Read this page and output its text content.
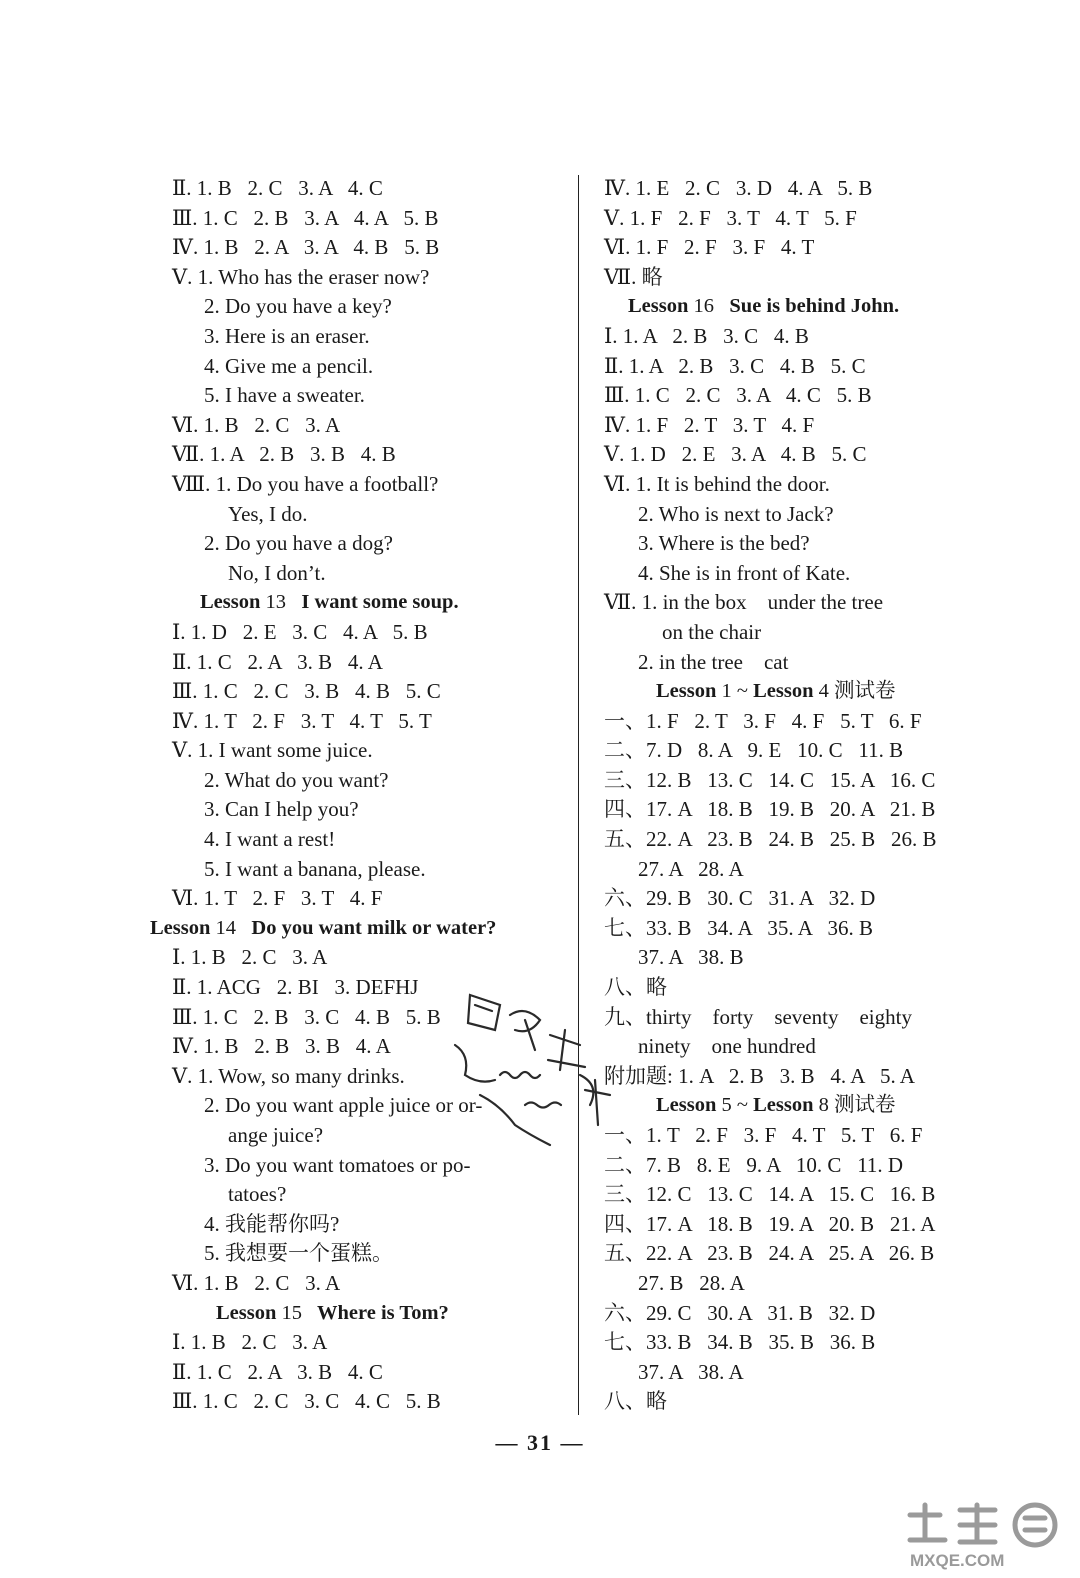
Ⅱ. 1. B   2. C   3. A   4. C
Ⅲ. 1. C   2. B   3. A   4. A   5. B
Ⅳ. 1. B   2. A   3. A   4. B   5. B
Ⅴ. 1. Who has the eraser now?
2. Do you have a key?
3. Here is an eraser.
4. Give me a pencil.
5. I have a sweater.
Ⅵ. 1. B   2. C   3. A
Ⅶ. 1. A   2. B   3. B   4. B
Ⅷ. 1. Do you have a football?
Yes, I do.
2. Do you have a dog?
No, I don’t.
Lesson 13   I want some soup.
Ⅰ. 1. D   2. E   3. C   4. A   5. B
Ⅱ. 1. C   2. A   3. B   4. A
Ⅲ. 1. C   2. C   3. B   4. B   5. C
Ⅳ. 1. T   2. F   3. T   4. T   5. T
Ⅴ. 1. I want some juice.
2. What do you want?
3. Can I help you?
4. I want a rest!
5. I want a banana, please.
Ⅵ. 1. T   2. F   3. T   4. F
Lesson 14   Do you want milk or water?
Ⅰ. 1. B   2. C   3. A
Ⅱ. 1. ACG   2. BI   3. DEFHJ
Ⅲ. 1. C   2. B   3. C   4. B   5. B
Ⅳ. 1. B   2. B   3. B   4. A
Ⅴ. 1. Wow, so many drinks.
2. Do you want apple juice or or-
ange juice?
3. Do you want tomatoes or po-
tatoes?
4. 我能帮你吗?
5. 我想要一个蛋糕。
Ⅵ. 1. B   2. C   3. A
Lesson 15   Where is Tom?
Ⅰ. 1. B   2. C   3. A
Ⅱ. 1. C   2. A   3. B   4. C
Ⅲ. 1. C   2. C   3. C   4. C   5. B
Ⅳ. 1. E   2. C   3. D   4. A   5. B
Ⅴ. 1. F   2. F   3. T   4. T   5. F
Ⅵ. 1. F   2. F   3. F   4. T
Ⅶ. 略
Lesson 16   Sue is behind John.
Ⅰ. 1. A   2. B   3. C   4. B
Ⅱ. 1. A   2. B   3. C   4. B   5. C
Ⅲ. 1. C   2. C   3. A   4. C   5. B
Ⅳ. 1. F   2. T   3. T   4. F
Ⅴ. 1. D   2. E   3. A   4. B   5. C
Ⅵ. 1. It is behind the door.
2. Who is next to Jack?
3. Where is the bed?
4. She is in front of Kate.
Ⅶ. 1. in the box    under the tree
on the chair
2. in the tree    cat
Lesson 1 ~ Lesson 4 测试卷
一、1. F   2. T   3. F   4. F   5. T   6. F
二、7. D   8. A   9. E   10. C   11. B
三、12. B   13. C   14. C   15. A   16. C
四、17. A   18. B   19. B   20. A   21. B
五、22. A   23. B   24. B   25. B   26. B
27. A   28. A
六、29. B   30. C   31. A   32. D
七、33. B   34. A   35. A   36. B
37. A   38. B
八、略
九、thirty    forty    seventy    eighty
ninety    one hundred
附加题: 1. A   2. B   3. B   4. A   5. A
Lesson 5 ~ Lesson 8 测试卷
一、1. T   2. F   3. F   4. T   5. T   6. F
二、7. B   8. E   9. A   10. C   11. D
三、12. C   13. C   14. A   15. C   16. B
四、17. A   18. B   19. A   20. B   21. A
五、22. A   23. B   24. A   25. A   26. B
27. B   28. A
六、29. C   30. A   31. B   32. D
七、33. B   34. B   35. B   36. B
37. A   38. A
八、略
— 31 —
MXQE.COM
